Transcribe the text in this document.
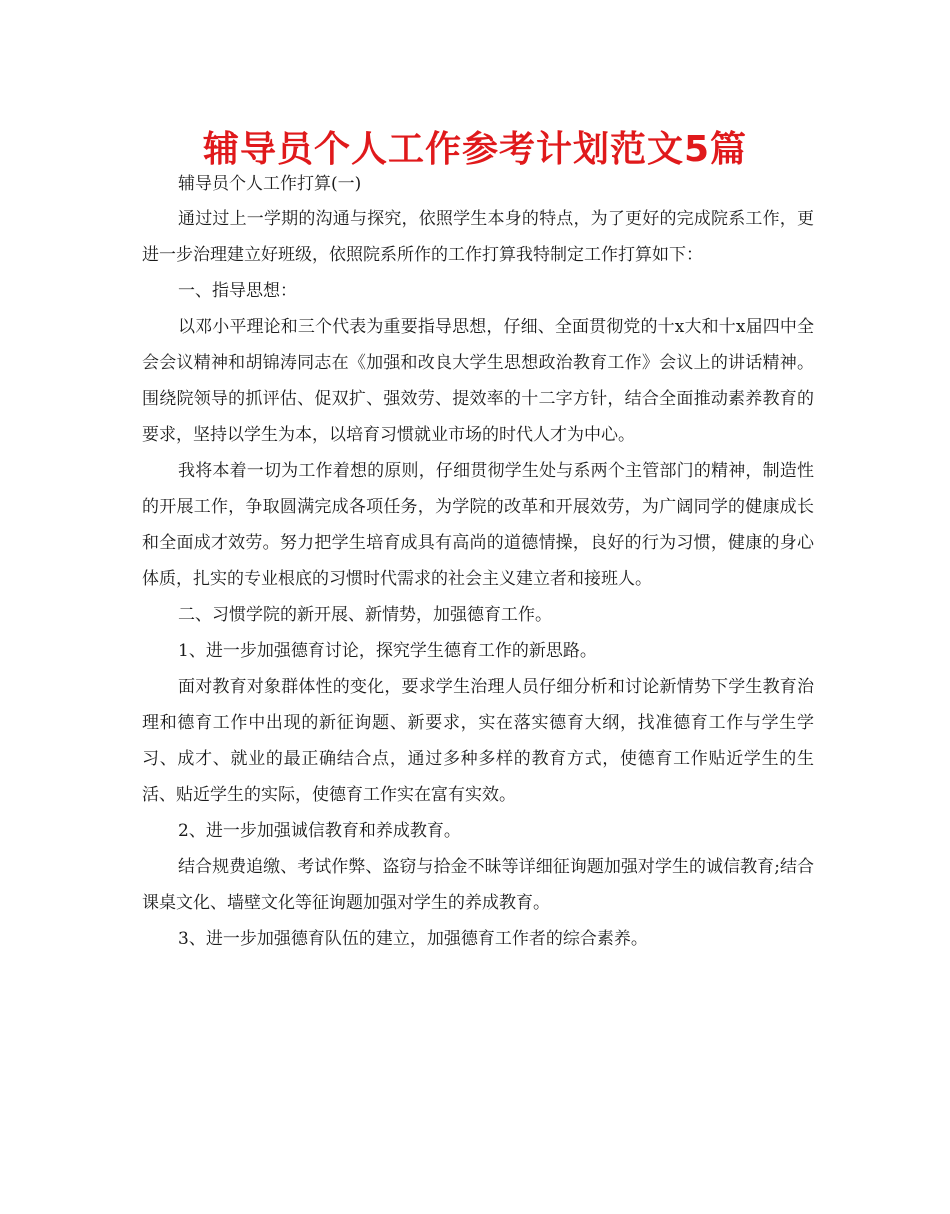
辅导员个人工作参考计划范文5篇
辅导员个人工作打算(一)

通过过上一学期的沟通与探究，依照学生本身的特点，为了更好的完成院系工作，更进一步治理建立好班级，依照院系所作的工作打算我特制定工作打算如下：

一、指导思想：

以邓小平理论和三个代表为重要指导思想，仔细、全面贯彻党的十x大和十x届四中全会会议精神和胡锦涛同志在《加强和改良大学生思想政治教育工作》会议上的讲话精神。围绕院领导的抓评估、促双扩、强效劳、提效率的十二字方针，结合全面推动素养教育的要求，坚持以学生为本，以培育习惯就业市场的时代人才为中心。

我将本着一切为工作着想的原则，仔细贯彻学生处与系两个主管部门的精神，制造性的开展工作，争取圆满完成各项任务，为学院的改革和开展效劳，为广阔同学的健康成长和全面成才效劳。努力把学生培育成具有高尚的道德情操，良好的行为习惯，健康的身心体质，扎实的专业根底的习惯时代需求的社会主义建立者和接班人。

二、习惯学院的新开展、新情势，加强德育工作。

1、进一步加强德育讨论，探究学生德育工作的新思路。

面对教育对象群体性的变化，要求学生治理人员仔细分析和讨论新情势下学生教育治理和德育工作中出现的新征询题、新要求，实在落实德育大纲，找准德育工作与学生学习、成才、就业的最正确结合点，通过多种多样的教育方式，使德育工作贴近学生的生活、贴近学生的实际，使德育工作实在富有实效。

2、进一步加强诚信教育和养成教育。

结合规费追缴、考试作弊、盗窃与拾金不昧等详细征询题加强对学生的诚信教育;结合课桌文化、墙壁文化等征询题加强对学生的养成教育。

3、进一步加强德育队伍的建立，加强德育工作者的综合素养。
